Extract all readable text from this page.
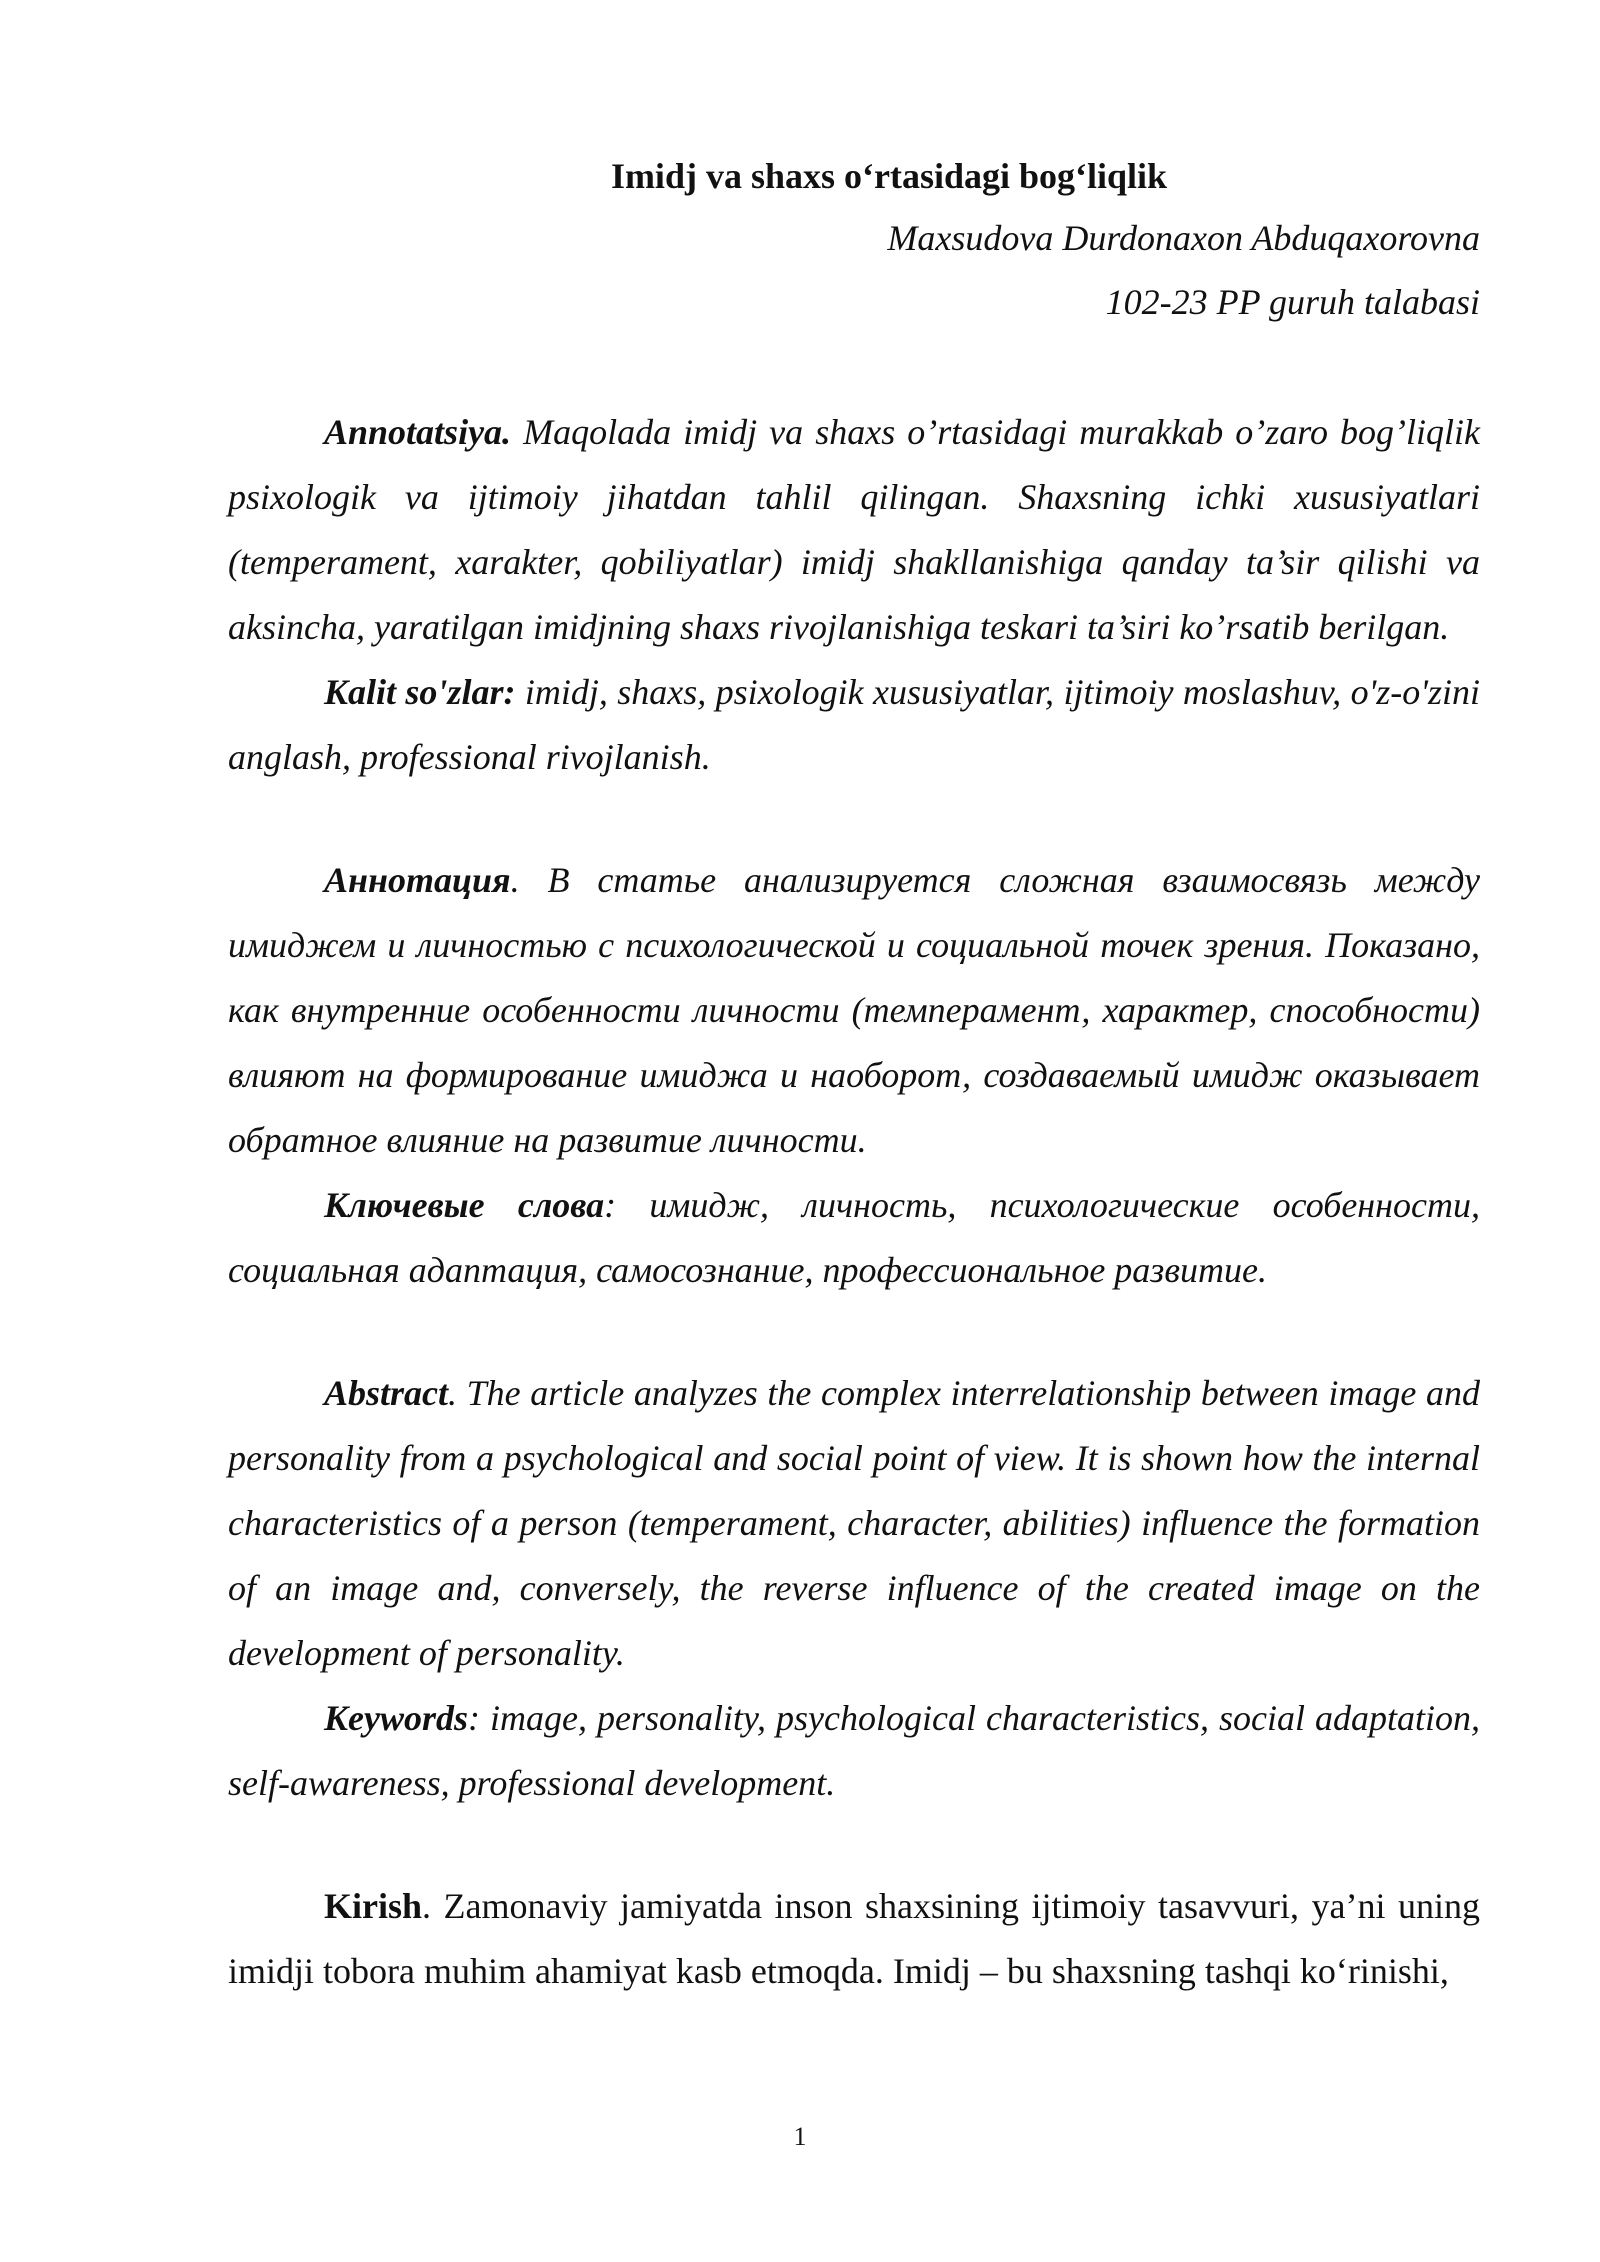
Imidj va shaxs o‘rtasidagi bog‘liqlik
Maxsudova Durdonaxon Abduqaxorovna
102-23 PP guruh talabasi

Annotatsiya. Maqolada imidj va shaxs o’rtasidagi murakkab o’zaro bog’liqlik psixologik va ijtimoiy jihatdan tahlil qilingan. Shaxsning ichki xususiyatlari (temperament, xarakter, qobiliyatlar) imidj shakllanishiga qanday ta’sir qilishi va aksincha, yaratilgan imidjning shaxs rivojlanishiga teskari ta’siri ko’rsatib berilgan.

Kalit so'zlar: imidj, shaxs, psixologik xususiyatlar, ijtimoiy moslashuv, o'z-o'zini anglash, professional rivojlanish.

Аннотация. В статье анализируется сложная взаимосвязь между имиджем и личностью с психологической и социальной точек зрения. Показано, как внутренние особенности личности (темперамент, характер, способности) влияют на формирование имиджа и наоборот, создаваемый имидж оказывает обратное влияние на развитие личности.

Ключевые слова: имидж, личность, психологические особенности, социальная адаптация, самосознание, профессиональное развитие.

Abstract. The article analyzes the complex interrelationship between image and personality from a psychological and social point of view. It is shown how the internal characteristics of a person (temperament, character, abilities) influence the formation of an image and, conversely, the reverse influence of the created image on the development of personality.

Keywords: image, personality, psychological characteristics, social adaptation, self-awareness, professional development.

Kirish. Zamonaviy jamiyatda inson shaxsining ijtimoiy tasavvuri, ya’ni uning imidji tobora muhim ahamiyat kasb etmoqda. Imidj – bu shaxsning tashqi ko‘rinishi,

1
